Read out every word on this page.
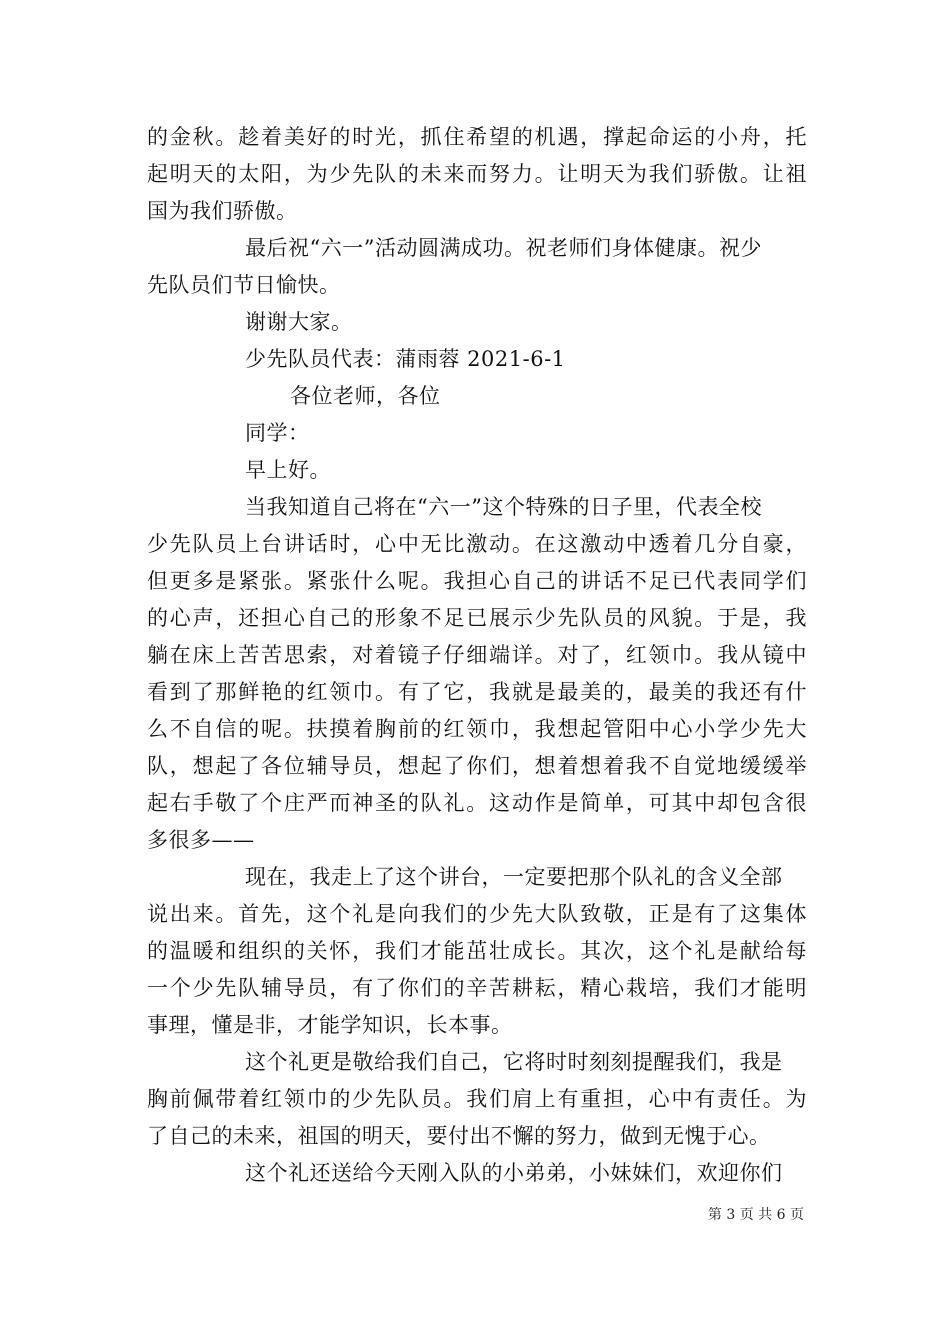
的金秋。趁着美好的时光，抓住希望的机遇，撑起命运的小舟，托
起明天的太阳，为少先队的未来而努力。让明天为我们骄傲。让祖
国为我们骄傲。
最后祝“六一”活动圆满成功。祝老师们身体健康。祝少
先队员们节日愉快。
谢谢大家。
少先队员代表：蒲雨蓉 2021-6-1
各位老师，各位
同学：
早上好。
当我知道自己将在“六一”这个特殊的日子里，代表全校
少先队员上台讲话时，心中无比激动。在这激动中透着几分自豪，
但更多是紧张。紧张什么呢。我担心自己的讲话不足已代表同学们
的心声，还担心自己的形象不足已展示少先队员的风貌。于是，我
躺在床上苦苦思索，对着镜子仔细端详。对了，红领巾。我从镜中
看到了那鲜艳的红领巾。有了它，我就是最美的，最美的我还有什
么不自信的呢。扶摸着胸前的红领巾，我想起管阳中心小学少先大
队，想起了各位辅导员，想起了你们，想着想着我不自觉地缓缓举
起右手敬了个庄严而神圣的队礼。这动作是简单，可其中却包含很
多很多——
现在，我走上了这个讲台，一定要把那个队礼的含义全部
说出来。首先，这个礼是向我们的少先大队致敬，正是有了这集体
的温暖和组织的关怀，我们才能茁壮成长。其次，这个礼是献给每
一个少先队辅导员，有了你们的辛苦耕耘，精心栽培，我们才能明
事理，懂是非，才能学知识，长本事。
这个礼更是敬给我们自己，它将时时刻刻提醒我们，我是
胸前佩带着红领巾的少先队员。我们肩上有重担，心中有责任。为
了自己的未来，祖国的明天，要付出不懈的努力，做到无愧于心。
这个礼还送给今天刚入队的小弟弟，小妹妹们，欢迎你们
第 3 页 共 6 页
